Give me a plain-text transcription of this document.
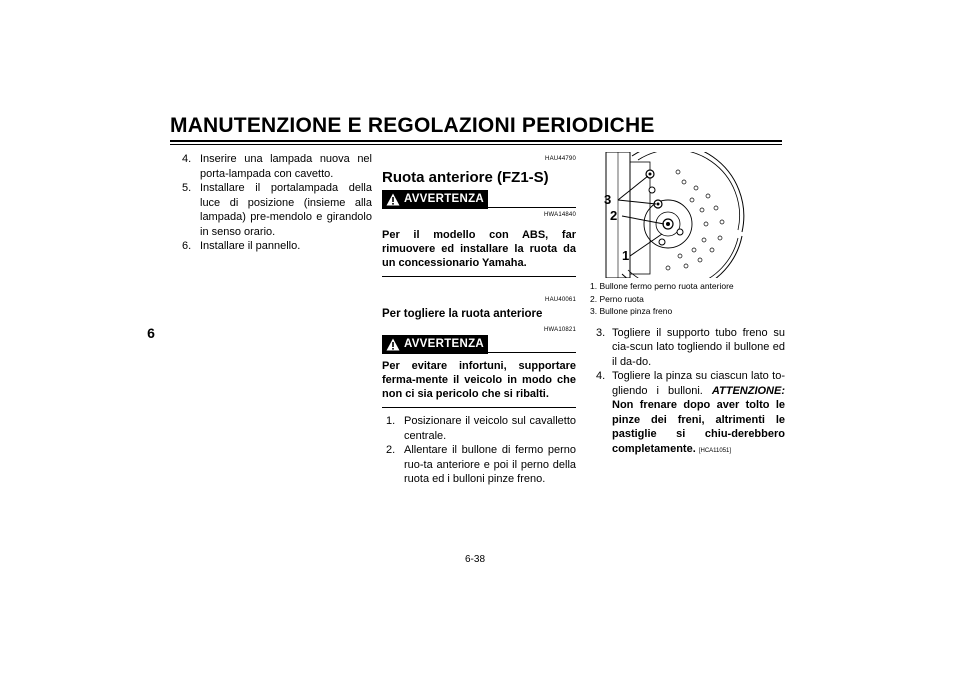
MANUTENZIONE E REGOLAZIONI PERIODICHE
6
4. Inserire una lampada nuova nel porta-lampada con cavetto.
5. Installare il portalampada della luce di posizione (insieme alla lampada) pre-mendolo e girandolo in senso orario.
6. Installare il pannello.
HAU44790
Ruota anteriore (FZ1-S)
AVVERTENZA
HWA14840
Per il modello con ABS, far rimuovere ed installare la ruota da un concessionario Yamaha.
HAU40061
Per togliere la ruota anteriore
HWA10821
AVVERTENZA
Per evitare infortuni, supportare ferma-mente il veicolo in modo che non ci sia pericolo che si ribalti.
1. Posizionare il veicolo sul cavalletto centrale.
2. Allentare il bullone di fermo perno ruo-ta anteriore e poi il perno della ruota ed i bulloni pinze freno.
3
2
1
1. Bullone fermo perno ruota anteriore
2. Perno ruota
3. Bullone pinza freno
3. Togliere il supporto tubo freno su cia-scun lato togliendo il bullone ed il da-do.
4. Togliere la pinza su ciascun lato to-gliendo i bulloni. ATTENZIONE: Non frenare dopo aver tolto le pinze dei freni, altrimenti le pastiglie si chiu-derebbero completamente. [HCA11051]
6-38
